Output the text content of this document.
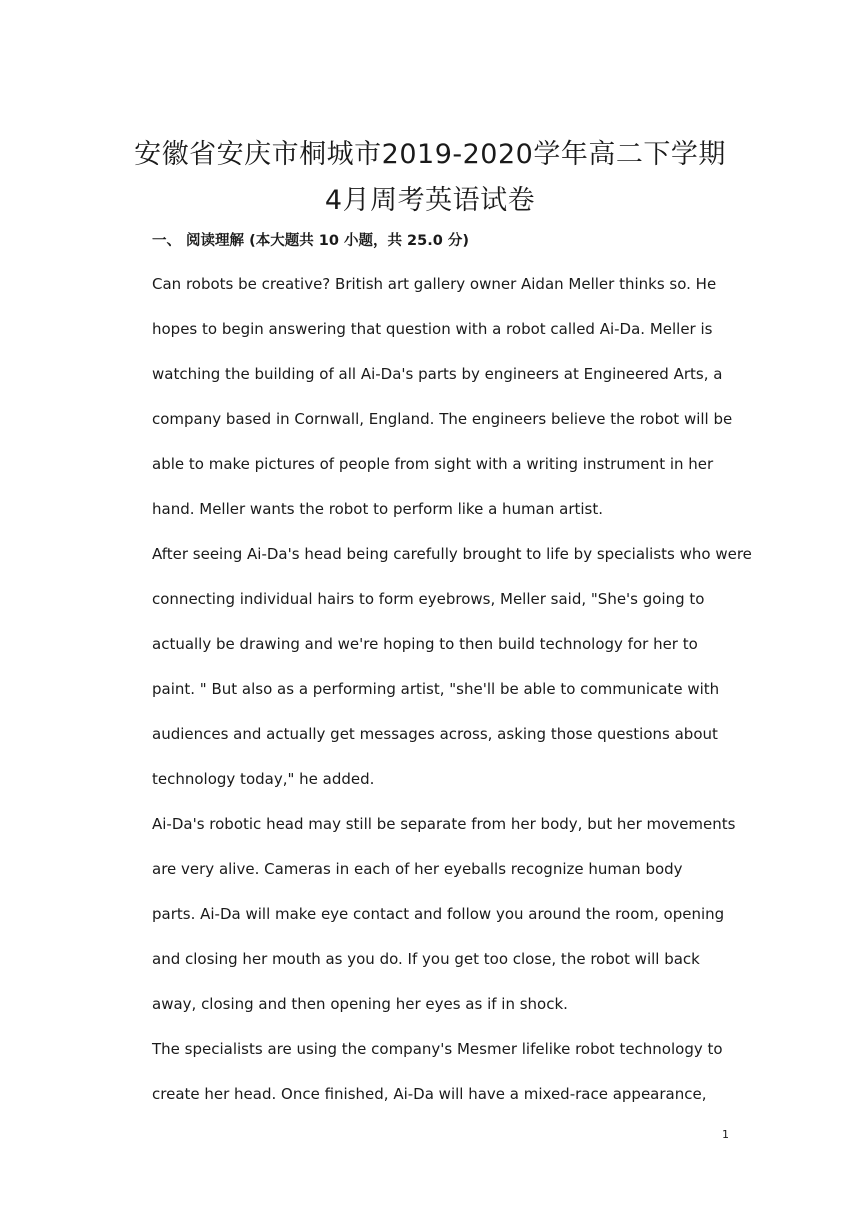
安徽省安庆市桐城市2019-2020学年高二下学期4月周考英语试卷

一、 阅读理解 (本大题共 10 小题，共 25.0 分)

Can robots be creative? British art gallery owner Aidan Meller thinks so. He

hopes to begin answering that question with a robot called Ai-Da. Meller is

watching the building of all Ai-Da's parts by engineers at Engineered Arts, a

company based in Cornwall, England. The engineers believe the robot will be

able to make pictures of people from sight with a writing instrument in her

hand. Meller wants the robot to perform like a human artist.

After seeing Ai-Da's head being carefully brought to life by specialists who were

connecting individual hairs to form eyebrows, Meller said, "She's going to

actually be drawing and we're hoping to then build technology for her to

paint. " But also as a performing artist, "she'll be able to communicate with

audiences and actually get messages across, asking those questions about

technology today," he added.

Ai-Da's robotic head may still be separate from her body, but her movements

are very alive. Cameras in each of her eyeballs recognize human body

parts. Ai-Da will make eye contact and follow you around the room, opening

and closing her mouth as you do. If you get too close, the robot will back

away, closing and then opening her eyes as if in shock.

The specialists are using the company's Mesmer lifelike robot technology to

create her head. Once finished, Ai-Da will have a mixed-race appearance,

1
